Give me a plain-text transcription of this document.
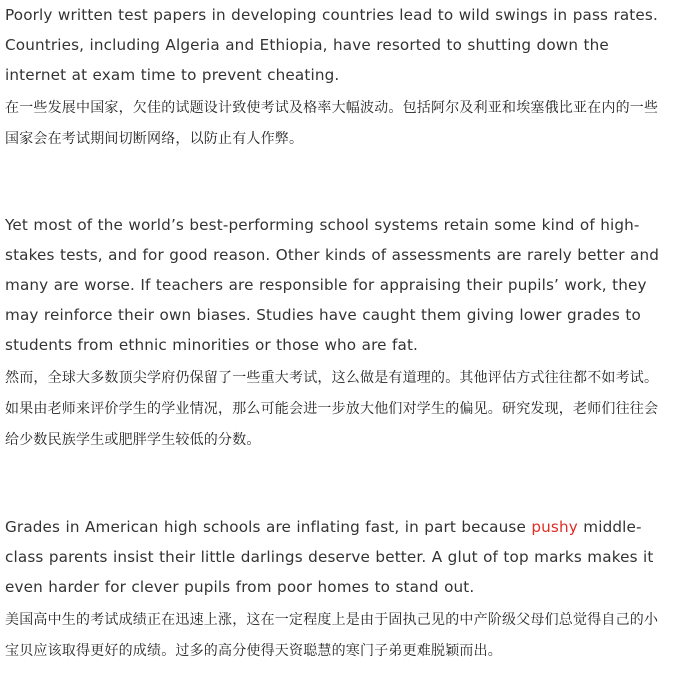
Poorly written test papers in developing countries lead to wild swings in pass rates. Countries, including Algeria and Ethiopia, have resorted to shutting down the internet at exam time to prevent cheating.

在一些发展中国家，欠佳的试题设计致使考试及格率大幅波动。包括阿尔及利亚和埃塞俄比亚在内的一些国家会在考试期间切断网络，以防止有人作弊。

Yet most of the world’s best-performing school systems retain some kind of high-stakes tests, and for good reason. Other kinds of assessments are rarely better and many are worse. If teachers are responsible for appraising their pupils’ work, they may reinforce their own biases. Studies have caught them giving lower grades to students from ethnic minorities or those who are fat.

然而，全球大多数顶尖学府仍保留了一些重大考试，这么做是有道理的。其他评估方式往往都不如考试。如果由老师来评价学生的学业情况，那么可能会进一步放大他们对学生的偏见。研究发现，老师们往往会给少数民族学生或肥胖学生较低的分数。

Grades in American high schools are inflating fast, in part because pushy middle-class parents insist their little darlings deserve better. A glut of top marks makes it even harder for clever pupils from poor homes to stand out.

美国高中生的考试成绩正在迅速上涨，这在一定程度上是由于固执己见的中产阶级父母们总觉得自己的小宝贝应该取得更好的成绩。过多的高分使得天资聪慧的寒门子弟更难脱颖而出。
